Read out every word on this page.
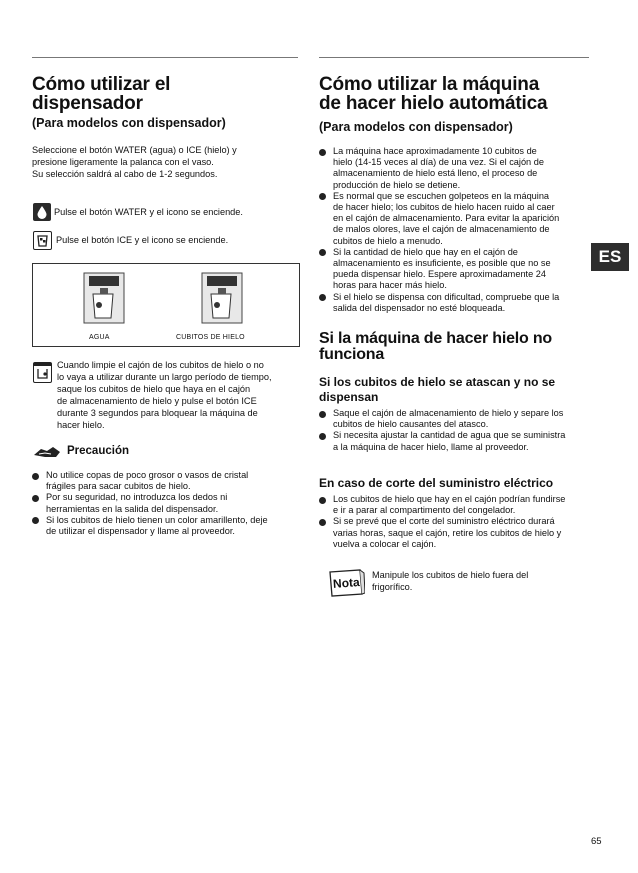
Cómo utilizar el
dispensador
(Para modelos con dispensador)
Seleccione el botón WATER (agua) o ICE (hielo) y
presione ligeramente la palanca con el vaso.
Su selección saldrá al cabo de 1-2 segundos.
Pulse el botón WATER y el icono se enciende.
Pulse el botón ICE y el icono se enciende.
AGUA	CUBITOS DE HIELO
Cuando limpie el cajón de los cubitos de hielo o no
lo vaya a utilizar durante un largo período de tiempo,
saque los cubitos de hielo que haya en el cajón
de almacenamiento de hielo y pulse el botón ICE
durante 3 segundos para bloquear la máquina de
hacer hielo.
Precaución
No utilice copas de poco grosor o vasos de cristal
frágiles para sacar cubitos de hielo.
Por su seguridad, no introduzca los dedos ni
herramientas en la salida del dispensador.
Si los cubitos de hielo tienen un color amarillento, deje
de utilizar el dispensador y llame al proveedor.
Cómo utilizar la máquina
de hacer hielo automática
(Para modelos con dispensador)
La máquina hace aproximadamente 10 cubitos de
hielo (14-15 veces al día) de una vez. Si el cajón de
almacenamiento de hielo está lleno, el proceso de
producción de hielo se detiene.
Es normal que se escuchen golpeteos en la máquina
de hacer hielo; los cubitos de hielo hacen ruido al caer
en el cajón de almacenamiento. Para evitar la aparición
de malos olores, lave el cajón de almacenamiento de
cubitos de hielo a menudo.
Si la cantidad de hielo que hay en el cajón de
almacenamiento es insuficiente, es posible que no se
pueda dispensar hielo. Espere aproximadamente 24
horas para hacer más hielo.
Si el hielo se dispensa con dificultad, compruebe que la
salida del dispensador no esté bloqueada.
Si la máquina de hacer hielo no
funciona
Si los cubitos de hielo se atascan y no se
dispensan
Saque el cajón de almacenamiento de hielo y separe los
cubitos de hielo causantes del atasco.
Si necesita ajustar la cantidad de agua que se suministra
a la máquina de hacer hielo, llame al proveedor.
En caso de corte del suministro eléctrico
Los cubitos de hielo que hay en el cajón podrían fundirse
e ir a parar al compartimento del congelador.
Si se prevé que el corte del suministro eléctrico durará
varias horas, saque el cajón, retire los cubitos de hielo y
vuelva a colocar el cajón.
Nota
Manipule los cubitos de hielo fuera del
frigorífico.
ES
65
